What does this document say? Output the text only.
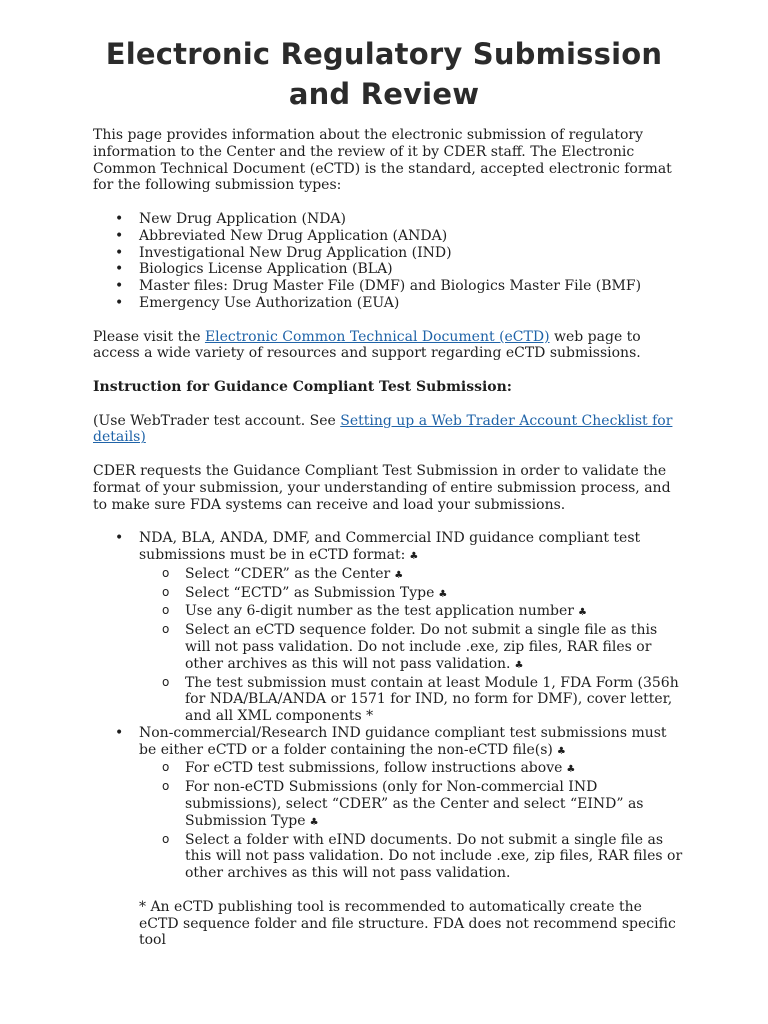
Electronic Regulatory Submission
and Review

This page provides information about the electronic submission of regulatory information to the Center and the review of it by CDER staff. The Electronic Common Technical Document (eCTD) is the standard, accepted electronic format for the following submission types:

• New Drug Application (NDA)
• Abbreviated New Drug Application (ANDA)
• Investigational New Drug Application (IND)
• Biologics License Application (BLA)
• Master files: Drug Master File (DMF) and Biologics Master File (BMF)
• Emergency Use Authorization (EUA)

Please visit the Electronic Common Technical Document (eCTD) web page to access a wide variety of resources and support regarding eCTD submissions.

Instruction for Guidance Compliant Test Submission:

(Use WebTrader test account. See Setting up a Web Trader Account Checklist for details)

CDER requests the Guidance Compliant Test Submission in order to validate the format of your submission, your understanding of entire submission process, and to make sure FDA systems can receive and load your submissions.

• NDA, BLA, ANDA, DMF, and Commercial IND guidance compliant test submissions must be in eCTD format: ♣
o Select “CDER” as the Center ♣
o Select “ECTD” as Submission Type ♣
o Use any 6-digit number as the test application number ♣
o Select an eCTD sequence folder. Do not submit a single file as this will not pass validation. Do not include .exe, zip files, RAR files or other archives as this will not pass validation. ♣
o The test submission must contain at least Module 1, FDA Form (356h for NDA/BLA/ANDA or 1571 for IND, no form for DMF), cover letter, and all XML components *
• Non-commercial/Research IND guidance compliant test submissions must be either eCTD or a folder containing the non-eCTD file(s) ♣
o For eCTD test submissions, follow instructions above ♣
o For non-eCTD Submissions (only for Non-commercial IND submissions), select “CDER” as the Center and select “EIND” as Submission Type ♣
o Select a folder with eIND documents. Do not submit a single file as this will not pass validation. Do not include .exe, zip files, RAR files or other archives as this will not pass validation.

* An eCTD publishing tool is recommended to automatically create the eCTD sequence folder and file structure. FDA does not recommend specific tool
